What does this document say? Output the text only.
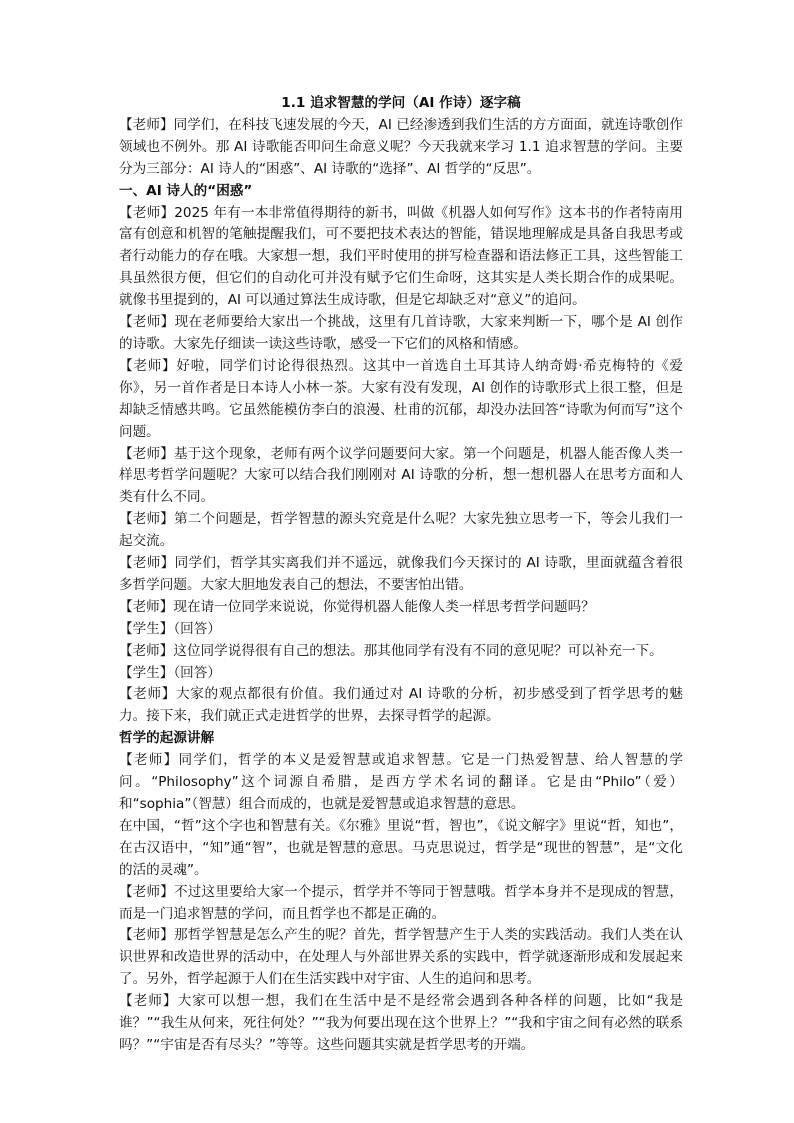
1.1 追求智慧的学问（AI 作诗）逐字稿

【老师】同学们，在科技飞速发展的今天，AI 已经渗透到我们生活的方方面面，就连诗歌创作领域也不例外。那 AI 诗歌能否叩问生命意义呢？今天我就来学习 1.1 追求智慧的学问。主要分为三部分：AI 诗人的“困惑”、AI 诗歌的“选择”、AI 哲学的“反思”。

一、AI 诗人的“困惑”

【老师】2025 年有一本非常值得期待的新书，叫做《机器人如何写作》这本书的作者特南用富有创意和机智的笔触提醒我们，可不要把技术表达的智能，错误地理解成是具备自我思考或者行动能力的存在哦。大家想一想，我们平时使用的拼写检查器和语法修正工具，这些智能工具虽然很方便，但它们的自动化可并没有赋予它们生命呀，这其实是人类长期合作的成果呢。就像书里提到的，AI 可以通过算法生成诗歌，但是它却缺乏对“意义”的追问。

【老师】现在老师要给大家出一个挑战，这里有几首诗歌，大家来判断一下，哪个是 AI 创作的诗歌。大家先仔细读一读这些诗歌，感受一下它们的风格和情感。

【老师】好啦，同学们讨论得很热烈。这其中一首选自土耳其诗人纳奇姆·希克梅特的《爱你》，另一首作者是日本诗人小林一茶。大家有没有发现，AI 创作的诗歌形式上很工整，但是却缺乏情感共鸣。它虽然能模仿李白的浪漫、杜甫的沉郁，却没办法回答“诗歌为何而写”这个问题。

【老师】基于这个现象，老师有两个议学问题要问大家。第一个问题是，机器人能否像人类一样思考哲学问题呢？大家可以结合我们刚刚对 AI 诗歌的分析，想一想机器人在思考方面和人类有什么不同。

【老师】第二个问题是，哲学智慧的源头究竟是什么呢？大家先独立思考一下，等会儿我们一起交流。

【老师】同学们，哲学其实离我们并不遥远，就像我们今天探讨的 AI 诗歌，里面就蕴含着很多哲学问题。大家大胆地发表自己的想法，不要害怕出错。

【老师】现在请一位同学来说说，你觉得机器人能像人类一样思考哲学问题吗？

【学生】（回答）

【老师】这位同学说得很有自己的想法。那其他同学有没有不同的意见呢？可以补充一下。

【学生】（回答）

【老师】大家的观点都很有价值。我们通过对 AI 诗歌的分析，初步感受到了哲学思考的魅力。接下来，我们就正式走进哲学的世界，去探寻哲学的起源。

哲学的起源讲解

【老师】同学们，哲学的本义是爱智慧或追求智慧。它是一门热爱智慧、给人智慧的学问。“Philosophy”这个词源自希腊，是西方学术名词的翻译。它是由“Philo”（爱）和“sophia”（智慧）组合而成的，也就是爱智慧或追求智慧的意思。

在中国，“哲”这个字也和智慧有关。《尔雅》里说“哲，智也”，《说文解字》里说“哲，知也”，在古汉语中，“知”通“智”，也就是智慧的意思。马克思说过，哲学是“现世的智慧”，是“文化的活的灵魂”。

【老师】不过这里要给大家一个提示，哲学并不等同于智慧哦。哲学本身并不是现成的智慧，而是一门追求智慧的学问，而且哲学也不都是正确的。

【老师】那哲学智慧是怎么产生的呢？首先，哲学智慧产生于人类的实践活动。我们人类在认识世界和改造世界的活动中，在处理人与外部世界关系的实践中，哲学就逐渐形成和发展起来了。另外，哲学起源于人们在生活实践中对宇宙、人生的追问和思考。

【老师】大家可以想一想，我们在生活中是不是经常会遇到各种各样的问题，比如“我是谁？”“我生从何来，死往何处？”“我为何要出现在这个世界上？”“我和宇宙之间有必然的联系吗？”“宇宙是否有尽头？”等等。这些问题其实就是哲学思考的开端。
